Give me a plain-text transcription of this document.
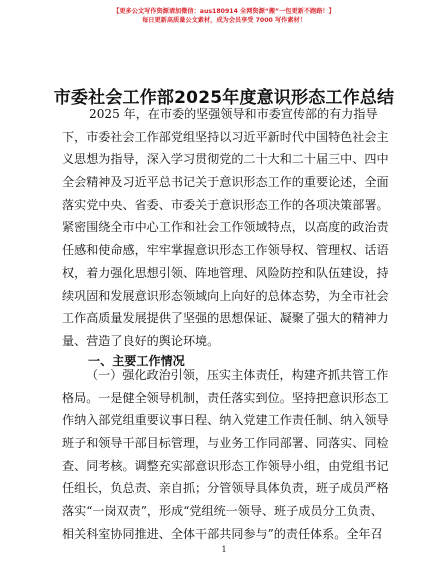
【更多公文写作资源请加微信：aus180914 全网资源“搬”一包更新不跑路！】
每日更新高质量公文素材，成为会员享受 7000 写作素材！
市委社会工作部2025年度意识形态工作总结
2025 年，在市委的坚强领导和市委宣传部的有力指导
下，市委社会工作部党组坚持以习近平新时代中国特色社会主
义思想为指导，深入学习贯彻党的二十大和二十届三中、四中
全会精神及习近平总书记关于意识形态工作的重要论述，全面
落实党中央、省委、市委关于意识形态工作的各项决策部署。
紧密围绕全市中心工作和社会工作领域特点，以高度的政治责
任感和使命感，牢牢掌握意识形态工作领导权、管理权、话语
权，着力强化思想引领、阵地管理、风险防控和队伍建设，持
续巩固和发展意识形态领域向上向好的总体态势，为全市社会
工作高质量发展提供了坚强的思想保证、凝聚了强大的精神力
量、营造了良好的舆论环境。
一、主要工作情况
（一）强化政治引领，压实主体责任，构建齐抓共管工作
格局。一是健全领导机制，责任落实到位。坚持把意识形态工
作纳入部党组重要议事日程、纳入党建工作责任制、纳入领导
班子和领导干部目标管理，与业务工作同部署、同落实、同检
查、同考核。调整充实部意识形态工作领导小组，由党组书记
任组长，负总责、亲自抓；分管领导具体负责，班子成员严格
落实“一岗双责”，形成“党组统一领导、班子成员分工负责、
相关科室协同推进、全体干部共同参与”的责任体系。全年召
1
